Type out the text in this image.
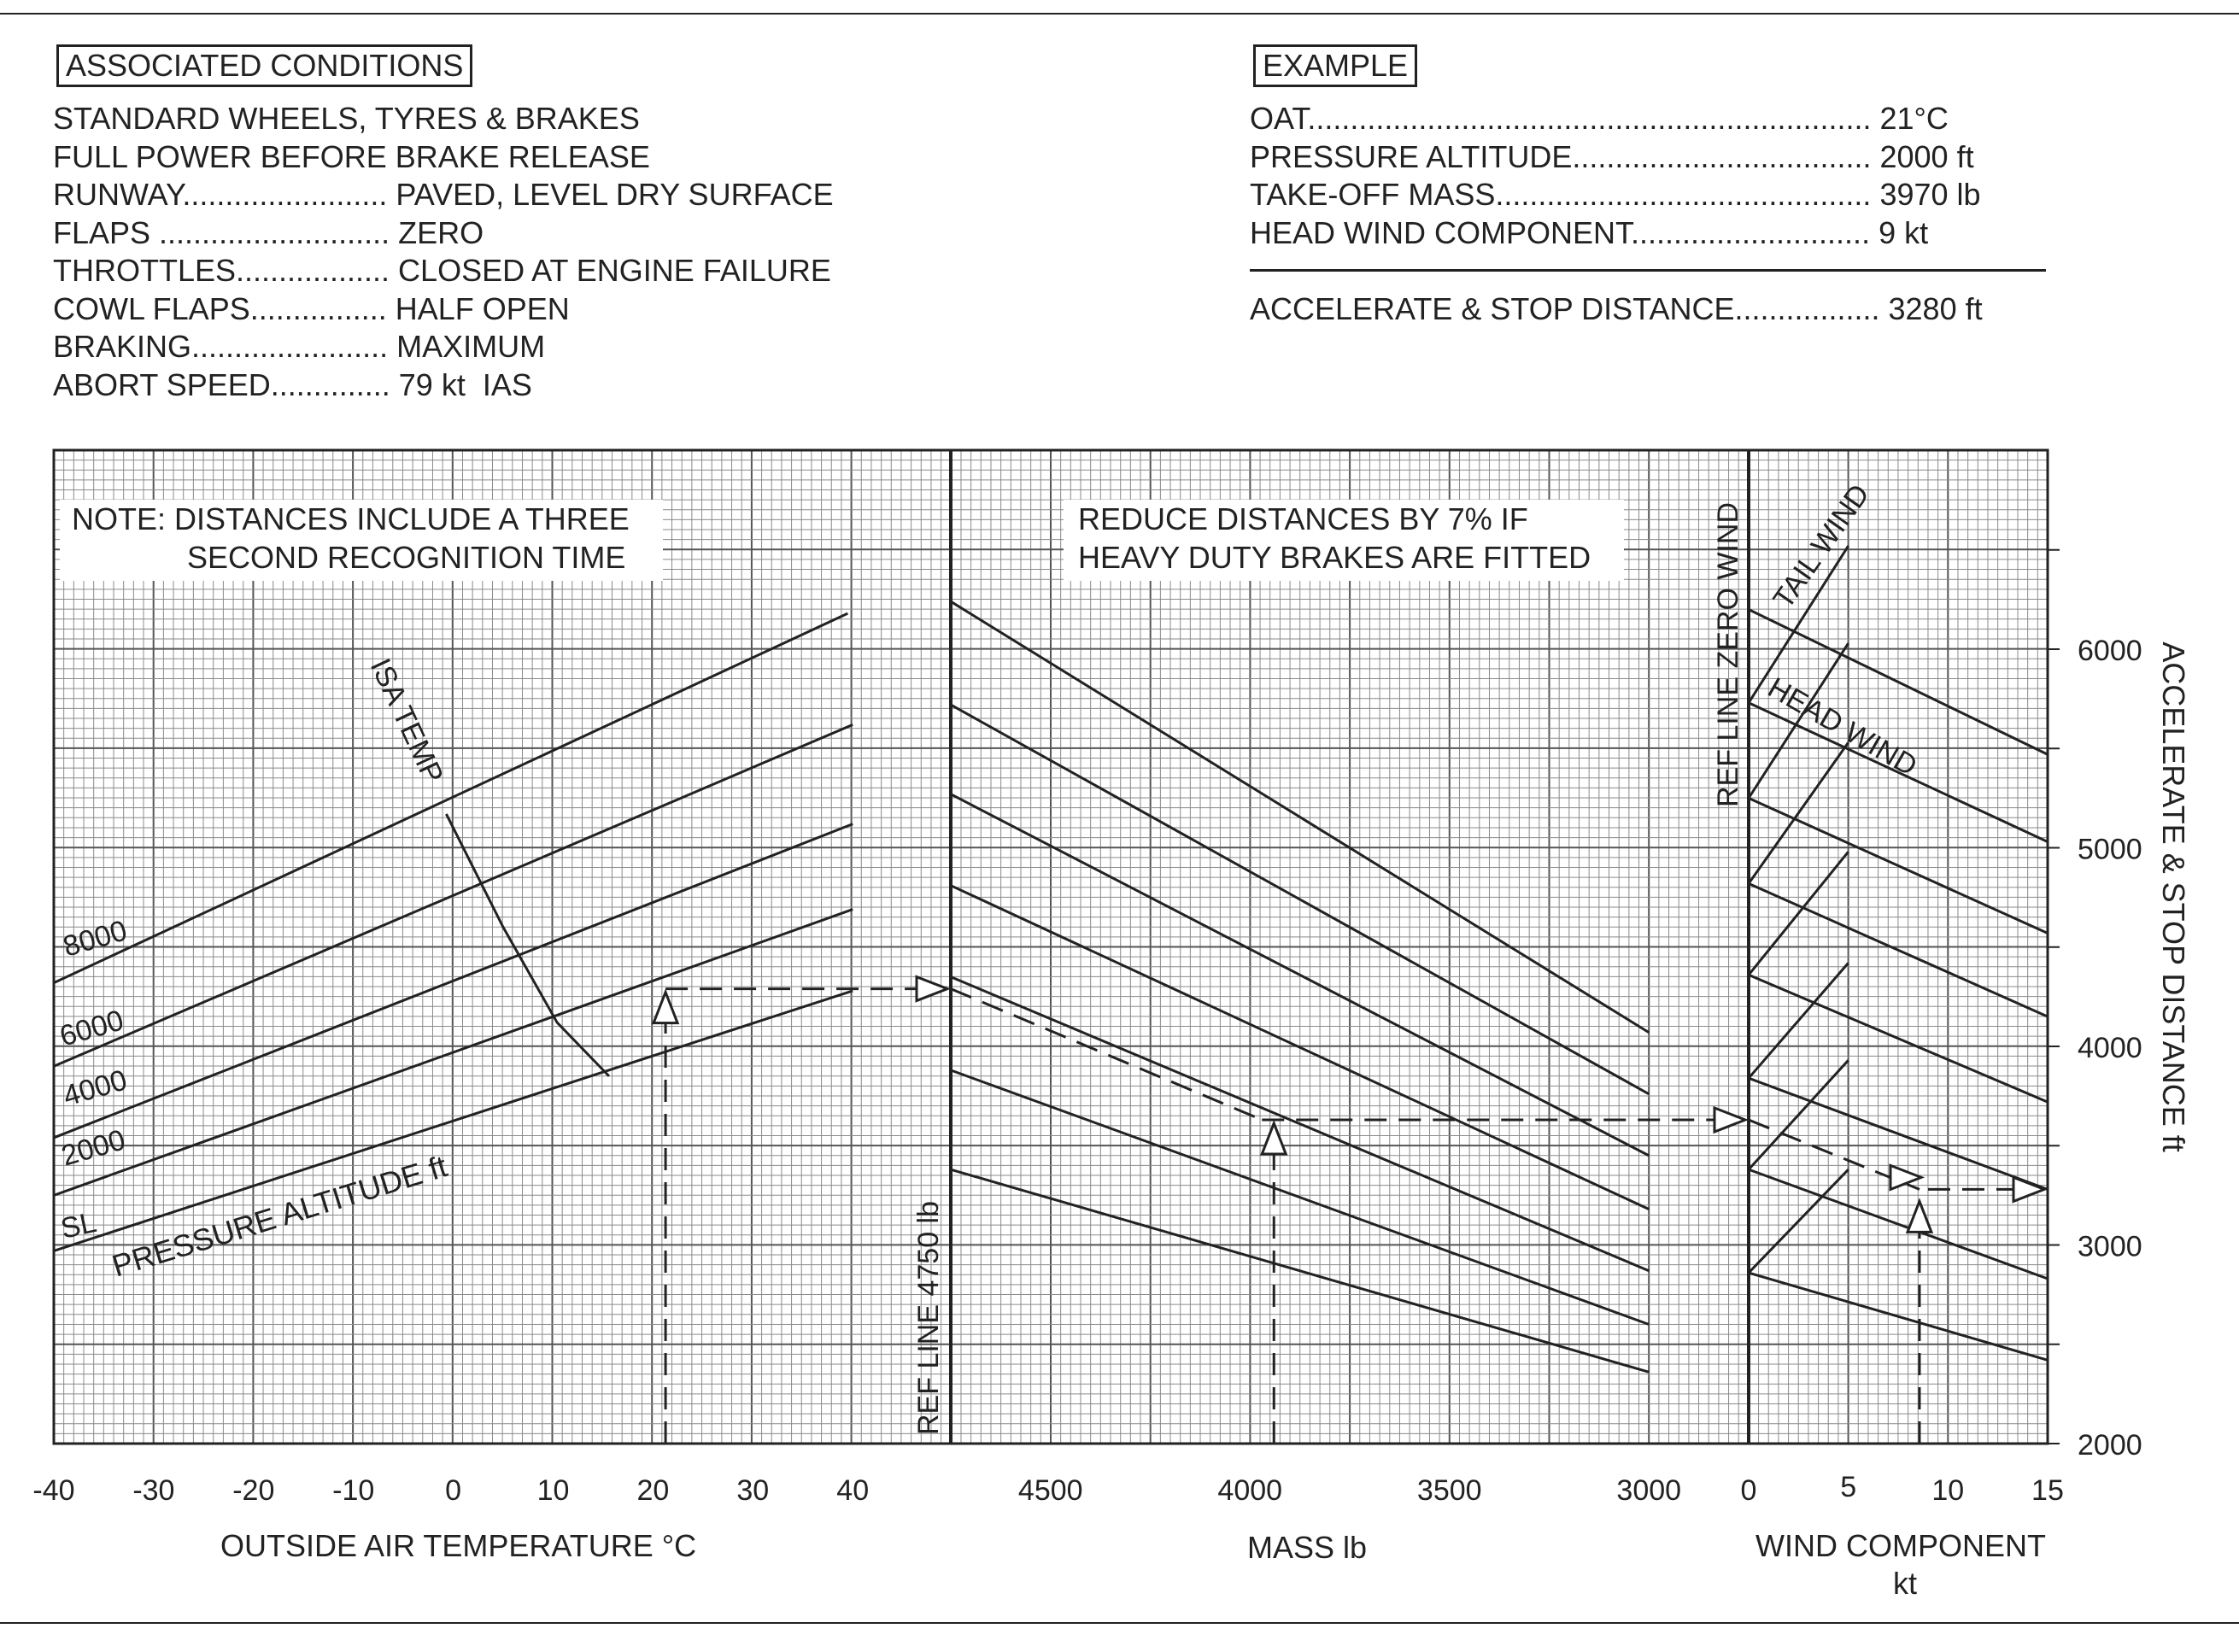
ASSOCIATED CONDITIONS
STANDARD WHEELS, TYRES & BRAKES
FULL POWER BEFORE BRAKE RELEASE
RUNWAY........................ PAVED, LEVEL DRY SURFACE
FLAPS ........................... ZERO
THROTTLES.................. CLOSED AT ENGINE FAILURE
COWL FLAPS................ HALF OPEN
BRAKING....................... MAXIMUM
ABORT SPEED.............. 79 kt  IAS
EXAMPLE
OAT.................................................................. 21°C
PRESSURE ALTITUDE................................... 2000 ft
TAKE-OFF MASS............................................ 3970 lb
HEAD WIND COMPONENT............................ 9 kt
ACCELERATE & STOP DISTANCE................. 3280 ft
NOTE: DISTANCES INCLUDE A THREE
SECOND RECOGNITION TIME
REDUCE DISTANCES BY 7% IF
HEAVY DUTY BRAKES ARE FITTED
-40 -30 -20 -10 0	10 20 30 40	4500	4000	3500	3000 0	5	10 15
2000
3000
4000
5000
6000
OUTSIDE AIR TEMPERATURE °C	MASS lb	WIND COMPONENT
kt
ACCELERATE & STOP DISTANCE ft
SL
2000
4000
6000
8000
PRESSURE ALTITUDE ft
ISA TEMP
REF LINE 4750 lb
REF LINE ZERO WIND TAIL WIND
HEAD WIND
